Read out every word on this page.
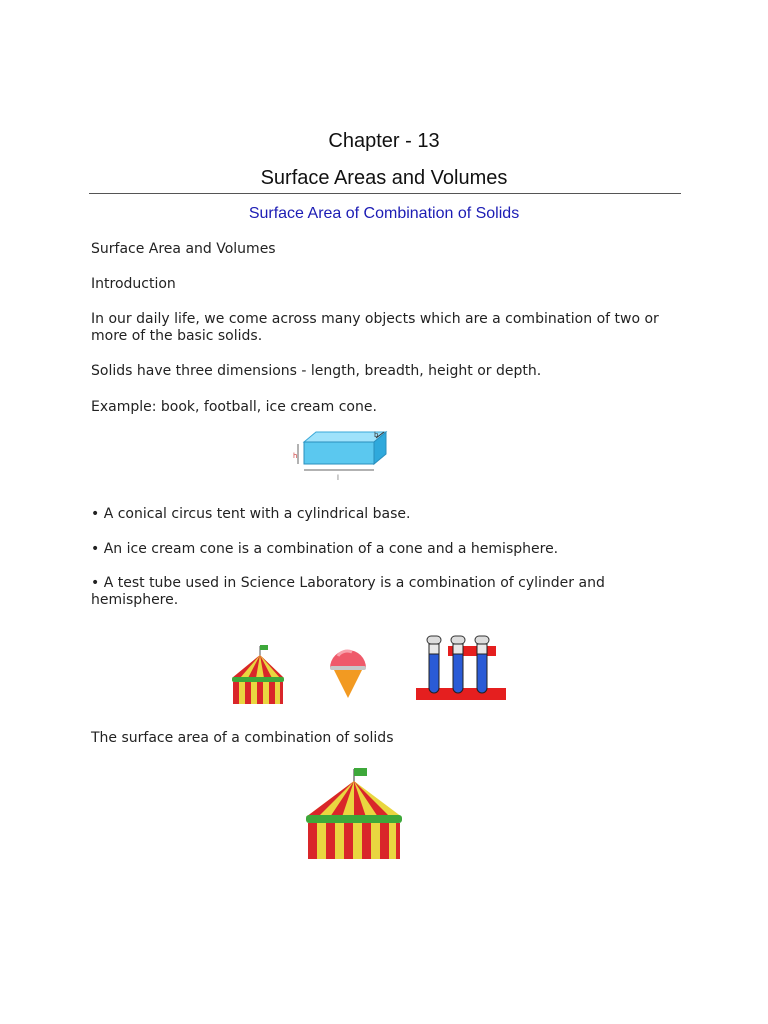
Chapter - 13
Surface Areas and Volumes
Surface Area of Combination of Solids
Surface Area and Volumes
Introduction
In our daily life, we come across many objects which are a combination of two or more of the basic solids.
Solids have three dimensions - length, breadth, height or depth.
Example: book, football, ice cream cone.
h
b
l
• A conical circus tent with a cylindrical base.
• An ice cream cone is a combination of a cone and a hemisphere.
• A test tube used in Science Laboratory is a combination of cylinder and hemisphere.
The surface area of a combination of solids
